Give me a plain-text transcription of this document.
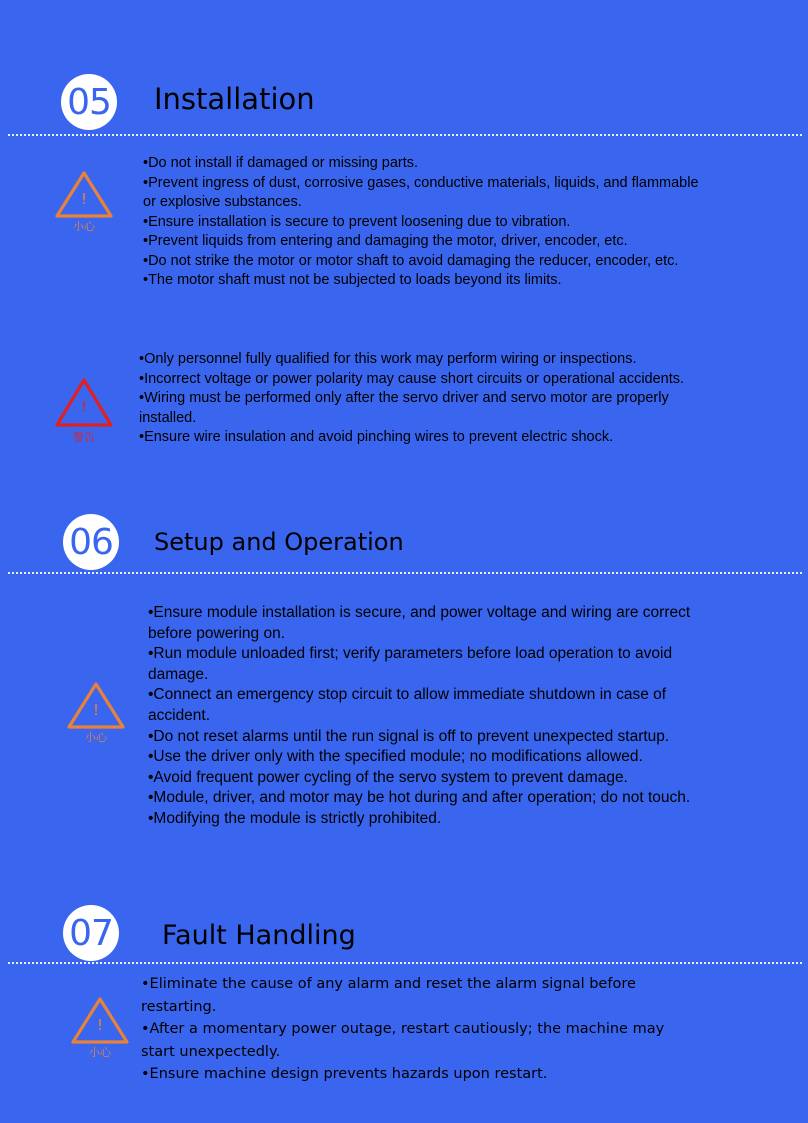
05 Installation
!
小心
•Do not install if damaged or missing parts.
•Prevent ingress of dust, corrosive gases, conductive materials, liquids, and flammable or explosive substances.
•Ensure installation is secure to prevent loosening due to vibration.
•Prevent liquids from entering and damaging the motor, driver, encoder, etc.
•Do not strike the motor or motor shaft to avoid damaging the reducer, encoder, etc.
•The motor shaft must not be subjected to loads beyond its limits.
!
警告
•Only personnel fully qualified for this work may perform wiring or inspections.
•Incorrect voltage or power polarity may cause short circuits or operational accidents.
•Wiring must be performed only after the servo driver and servo motor are properly installed.
•Ensure wire insulation and avoid pinching wires to prevent electric shock.
06 Setup and Operation
!
小心
•Ensure module installation is secure, and power voltage and wiring are correct before powering on.
•Run module unloaded first; verify parameters before load operation to avoid damage.
•Connect an emergency stop circuit to allow immediate shutdown in case of accident.
•Do not reset alarms until the run signal is off to prevent unexpected startup.
•Use the driver only with the specified module; no modifications allowed.
•Avoid frequent power cycling of the servo system to prevent damage.
•Module, driver, and motor may be hot during and after operation; do not touch.
•Modifying the module is strictly prohibited.
07 Fault Handling
!
小心
•Eliminate the cause of any alarm and reset the alarm signal before restarting.
•After a momentary power outage, restart cautiously; the machine may start unexpectedly.
•Ensure machine design prevents hazards upon restart.
